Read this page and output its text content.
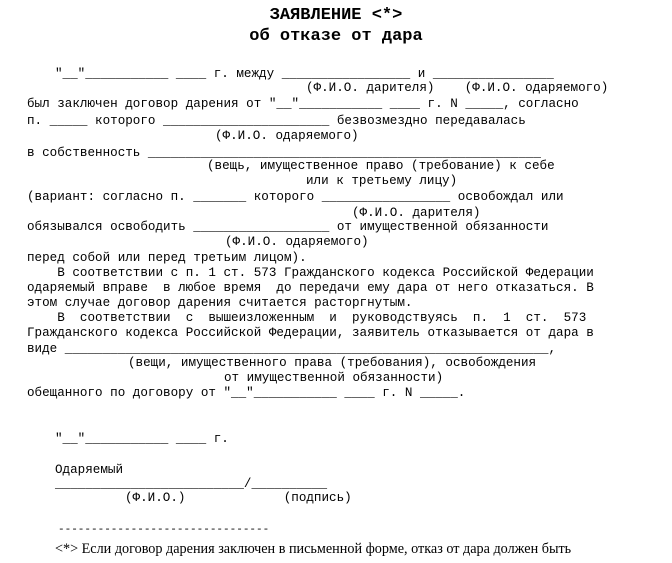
ЗАЯВЛЕНИЕ <*>
об отказе от дара
"__"___________ ____ г. между _________________ и ________________
(Ф.И.О. дарителя)    (Ф.И.О. одаряемого)
был заключен договор дарения от "__"___________ ____ г. N _____, согласно
п. _____ которого ______________________ безвозмездно передавалась
(Ф.И.О. одаряемого)
в собственность ____________________________________________________
(вещь, имущественное право (требование) к себе
или к третьему лицу)
(вариант: согласно п. _______ которого _________________ освобождал или
(Ф.И.О. дарителя)
обязывался освободить __________________ от имущественной обязанности
(Ф.И.О. одаряемого)
перед собой или перед третьим лицом).
В соответствии с п. 1 ст. 573 Гражданского кодекса Российской Федерации
одаряемый вправе  в любое время  до передачи ему дара от него отказаться. В
этом случае договор дарения считается расторгнутым.
В  соответствии  с  вышеизложенным  и  руководствуясь  п.  1  ст.  573
Гражданского кодекса Российской Федерации, заявитель отказывается от дара в
виде ________________________________________________________________,
(вещи, имущественного права (требования), освобождения
от имущественной обязанности)
обещанного по договору от "__"___________ ____ г. N _____.
"__"___________ ____ г.
Одаряемый
_________________________/__________
(Ф.И.О.)             (подпись)
--------------------------------
<*> Если договор дарения заключен в письменной форме, отказ от дара должен быть
